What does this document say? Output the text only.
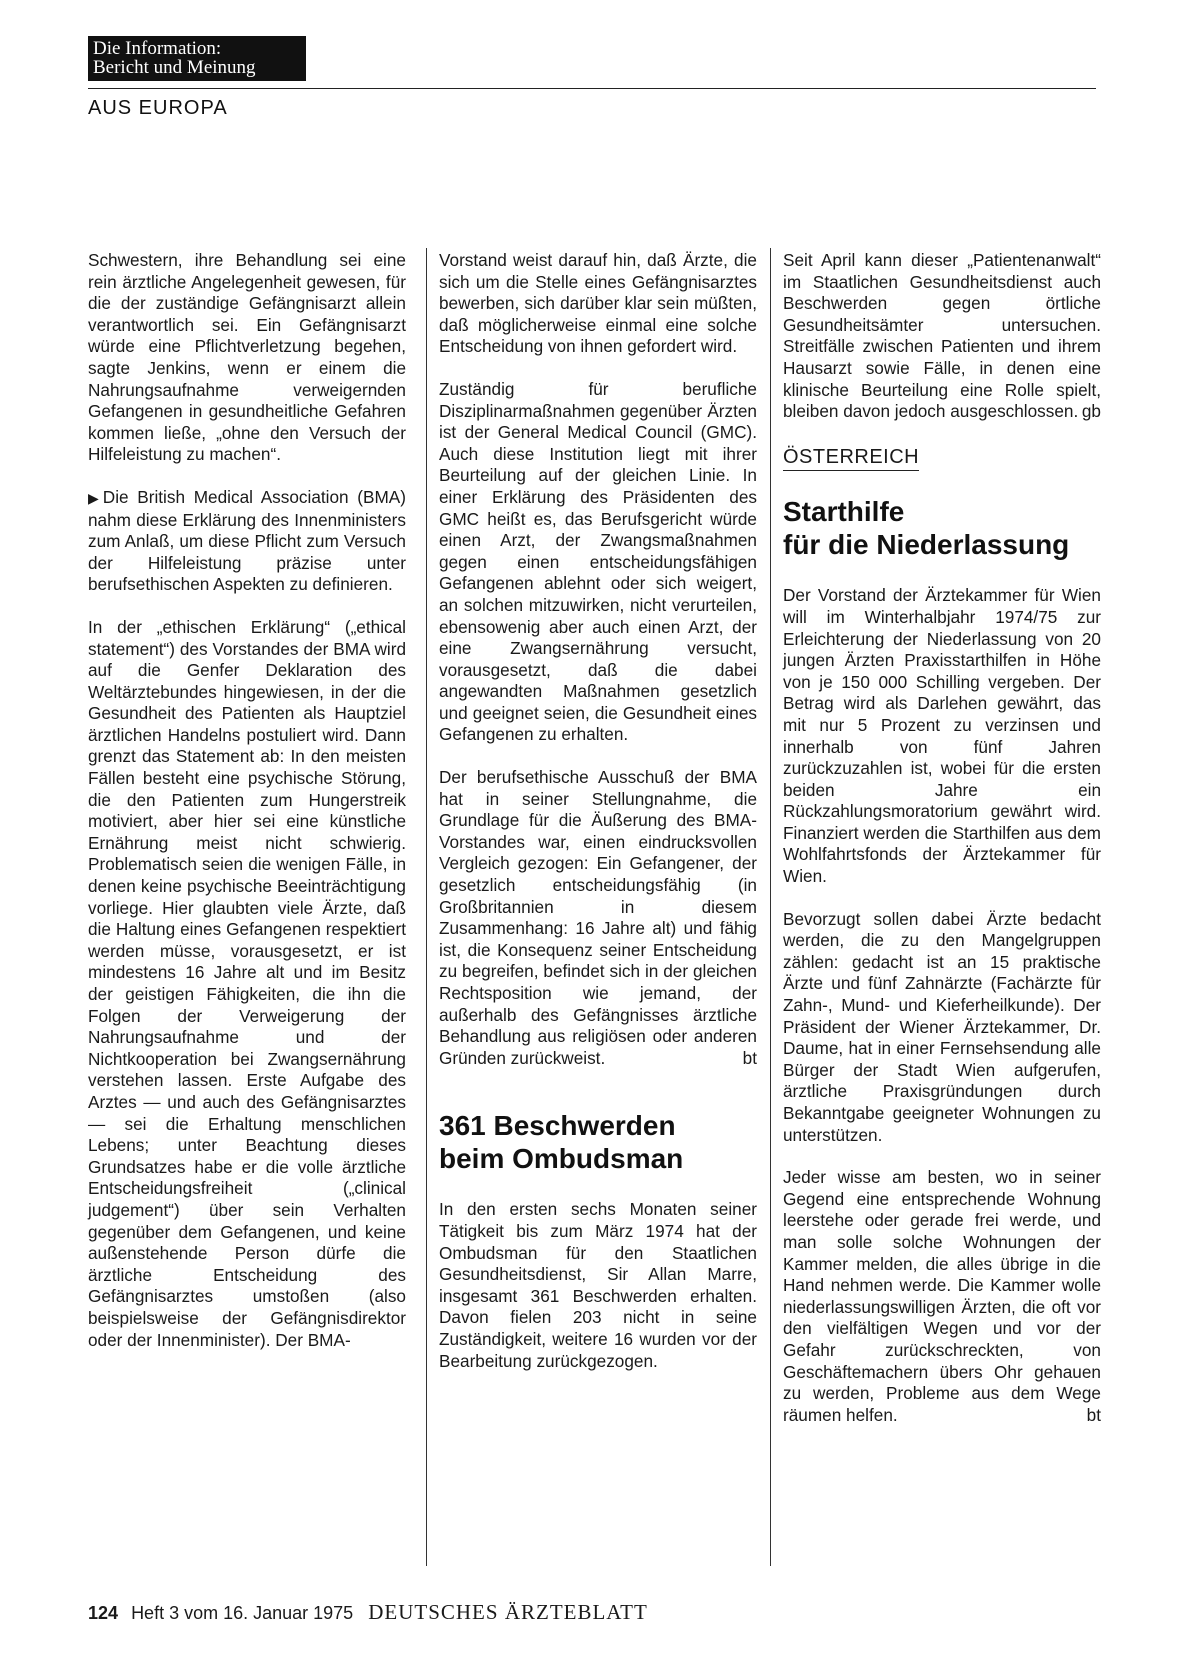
Die Information:
Bericht und Meinung
AUS EUROPA

Schwestern, ihre Behandlung sei eine rein ärztliche Angelegenheit gewesen, für die der zuständige Gefängnisarzt allein verantwortlich sei. Ein Gefängnisarzt würde eine Pflichtverletzung begehen, sagte Jenkins, wenn er einem die Nahrungsaufnahme verweigernden Gefangenen in gesundheitliche Gefahren kommen ließe, „ohne den Versuch der Hilfeleistung zu machen“.

▶ Die British Medical Association (BMA) nahm diese Erklärung des Innenministers zum Anlaß, um diese Pflicht zum Versuch der Hilfeleistung präzise unter berufsethischen Aspekten zu definieren.

In der „ethischen Erklärung“ („ethical statement“) des Vorstandes der BMA wird auf die Genfer Deklaration des Weltärztebundes hingewiesen, in der die Gesundheit des Patienten als Hauptziel ärztlichen Handelns postuliert wird. Dann grenzt das Statement ab: In den meisten Fällen besteht eine psychische Störung, die den Patienten zum Hungerstreik motiviert, aber hier sei eine künstliche Ernährung meist nicht schwierig. Problematisch seien die wenigen Fälle, in denen keine psychische Beeinträchtigung vorliege. Hier glaubten viele Ärzte, daß die Haltung eines Gefangenen respektiert werden müsse, vorausgesetzt, er ist mindestens 16 Jahre alt und im Besitz der geistigen Fähigkeiten, die ihn die Folgen der Verweigerung der Nahrungsaufnahme und der Nichtkooperation bei Zwangsernährung verstehen lassen. Erste Aufgabe des Arztes — und auch des Gefängnisarztes — sei die Erhaltung menschlichen Lebens; unter Beachtung dieses Grundsatzes habe er die volle ärztliche Entscheidungsfreiheit („clinical judgement“) über sein Verhalten gegenüber dem Gefangenen, und keine außenstehende Person dürfe die ärztliche Entscheidung des Gefängnisarztes umstoßen (also beispielsweise der Gefängnisdirektor oder der Innenminister). Der BMA-

Vorstand weist darauf hin, daß Ärzte, die sich um die Stelle eines Gefängnisarztes bewerben, sich darüber klar sein müßten, daß möglicherweise einmal eine solche Entscheidung von ihnen gefordert wird.

Zuständig für berufliche Disziplinarmaßnahmen gegenüber Ärzten ist der General Medical Council (GMC). Auch diese Institution liegt mit ihrer Beurteilung auf der gleichen Linie. In einer Erklärung des Präsidenten des GMC heißt es, das Berufsgericht würde einen Arzt, der Zwangsmaßnahmen gegen einen entscheidungsfähigen Gefangenen ablehnt oder sich weigert, an solchen mitzuwirken, nicht verurteilen, ebensowenig aber auch einen Arzt, der eine Zwangsernährung versucht, vorausgesetzt, daß die dabei angewandten Maßnahmen gesetzlich und geeignet seien, die Gesundheit eines Gefangenen zu erhalten.

Der berufsethische Ausschuß der BMA hat in seiner Stellungnahme, die Grundlage für die Äußerung des BMA-Vorstandes war, einen eindrucksvollen Vergleich gezogen: Ein Gefangener, der gesetzlich entscheidungsfähig (in Großbritannien in diesem Zusammenhang: 16 Jahre alt) und fähig ist, die Konsequenz seiner Entscheidung zu begreifen, befindet sich in der gleichen Rechtsposition wie jemand, der außerhalb des Gefängnisses ärztliche Behandlung aus religiösen oder anderen Gründen zurückweist.	bt

361 Beschwerden
beim Ombudsman

In den ersten sechs Monaten seiner Tätigkeit bis zum März 1974 hat der Ombudsman für den Staatlichen Gesundheitsdienst, Sir Allan Marre, insgesamt 361 Beschwerden erhalten. Davon fielen 203 nicht in seine Zuständigkeit, weitere 16 wurden vor der Bearbeitung zurückgezogen.

Seit April kann dieser „Patientenanwalt“ im Staatlichen Gesundheitsdienst auch Beschwerden gegen örtliche Gesundheitsämter untersuchen. Streitfälle zwischen Patienten und ihrem Hausarzt sowie Fälle, in denen eine klinische Beurteilung eine Rolle spielt, bleiben davon jedoch ausgeschlossen. gb

ÖSTERREICH
Starthilfe
für die Niederlassung

Der Vorstand der Ärztekammer für Wien will im Winterhalbjahr 1974/75 zur Erleichterung der Niederlassung von 20 jungen Ärzten Praxisstarthilfen in Höhe von je 150 000 Schilling vergeben. Der Betrag wird als Darlehen gewährt, das mit nur 5 Prozent zu verzinsen und innerhalb von fünf Jahren zurückzuzahlen ist, wobei für die ersten beiden Jahre ein Rückzahlungsmoratorium gewährt wird. Finanziert werden die Starthilfen aus dem Wohlfahrtsfonds der Ärztekammer für Wien.

Bevorzugt sollen dabei Ärzte bedacht werden, die zu den Mangelgruppen zählen: gedacht ist an 15 praktische Ärzte und fünf Zahnärzte (Fachärzte für Zahn-, Mund- und Kieferheilkunde). Der Präsident der Wiener Ärztekammer, Dr. Daume, hat in einer Fernsehsendung alle Bürger der Stadt Wien aufgerufen, ärztliche Praxisgründungen durch Bekanntgabe geeigneter Wohnungen zu unterstützen.

Jeder wisse am besten, wo in seiner Gegend eine entsprechende Wohnung leerstehe oder gerade frei werde, und man solle solche Wohnungen der Kammer melden, die alles übrige in die Hand nehmen werde. Die Kammer wolle niederlassungswilligen Ärzten, die oft vor den vielfältigen Wegen und vor der Gefahr zurückschreckten, von Geschäftemachern übers Ohr gehauen zu werden, Probleme aus dem Wege räumen helfen.	bt

124 Heft 3 vom 16. Januar 1975 DEUTSCHES ÄRZTEBLATT
